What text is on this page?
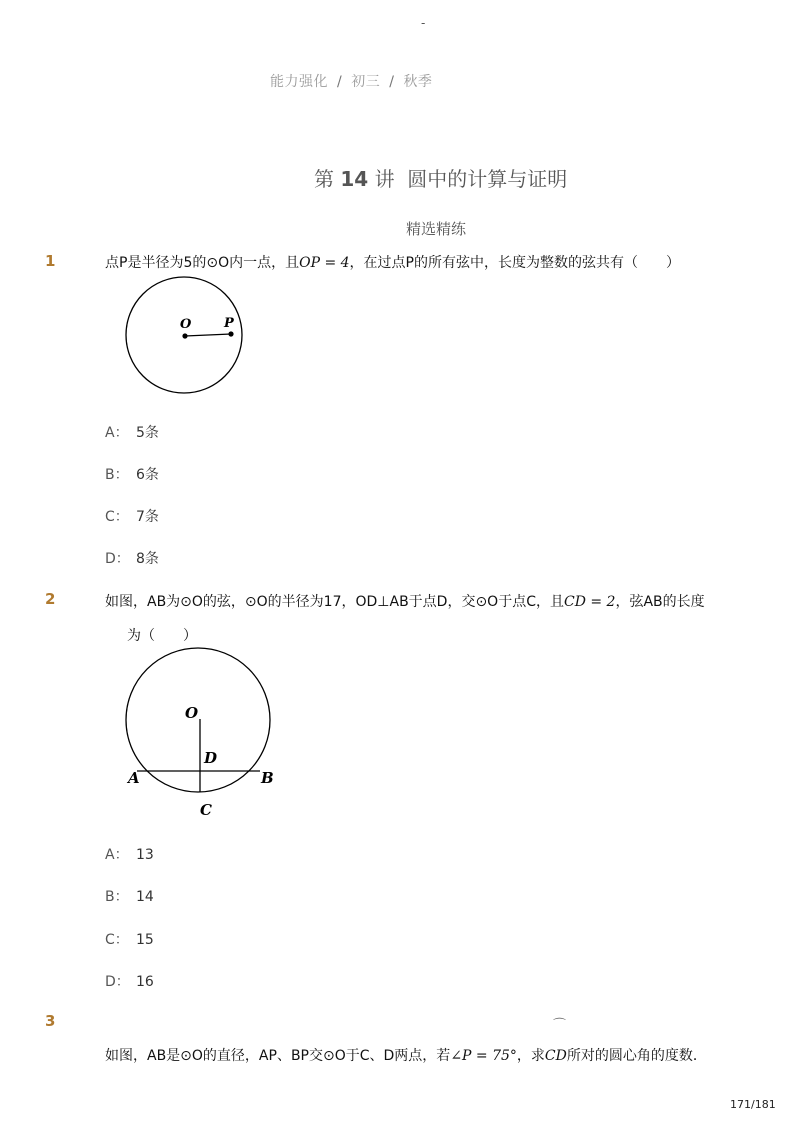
-
能力强化 / 初三 / 秋季
第 14 讲 圆中的计算与证明
精选精练
1	点P是半径为5的⊙O内一点，且OP = 4，在过点P的所有弦中，长度为整数的弦共有（　　）
O	P
A： 5条
B： 6条
C： 7条
D： 8条
2	如图，AB为⊙O的弦，⊙O的半径为17，OD⊥AB于点D，交⊙O于点C，且CD = 2，弦AB的长度
为（　　）
O
D
A	B
C
A： 13
B： 14
C： 15
D： 16
3	⌒
如图，AB是⊙O的直径，AP、BP交⊙O于C、D两点，若∠P = 75°，求CD所对的圆心角的度数．
171/181
